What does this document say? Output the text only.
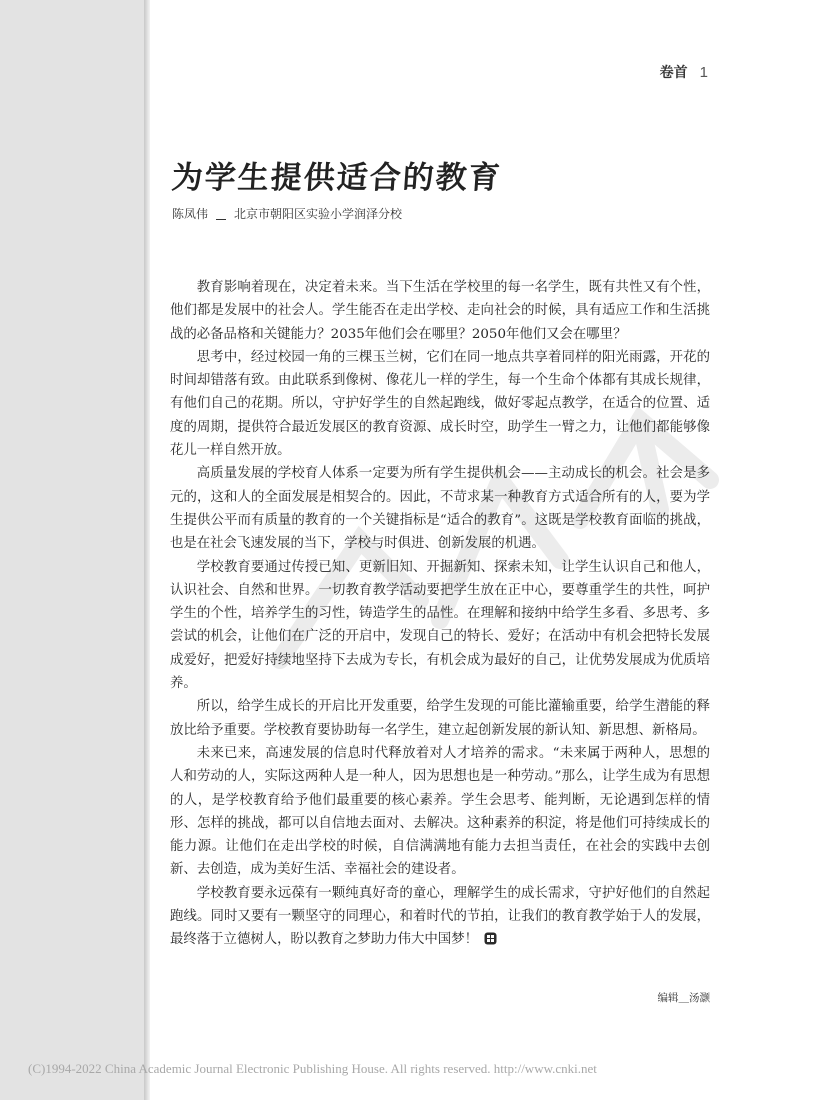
卷首 1
为学生提供适合的教育
陈凤伟 北京市朝阳区实验小学润泽分校

教育影响着现在，决定着未来。当下生活在学校里的每一名学生，既有共性又有个性，他们都是发展中的社会人。学生能否在走出学校、走向社会的时候，具有适应工作和生活挑战的必备品格和关键能力？2035年他们会在哪里？2050年他们又会在哪里？

思考中，经过校园一角的三棵玉兰树，它们在同一地点共享着同样的阳光雨露，开花的时间却错落有致。由此联系到像树、像花儿一样的学生，每一个生命个体都有其成长规律，有他们自己的花期。所以，守护好学生的自然起跑线，做好零起点教学，在适合的位置、适度的周期，提供符合最近发展区的教育资源、成长时空，助学生一臂之力，让他们都能够像花儿一样自然开放。

高质量发展的学校育人体系一定要为所有学生提供机会——主动成长的机会。社会是多元的，这和人的全面发展是相契合的。因此，不苛求某一种教育方式适合所有的人，要为学生提供公平而有质量的教育的一个关键指标是“适合的教育”。这既是学校教育面临的挑战，也是在社会飞速发展的当下，学校与时俱进、创新发展的机遇。

学校教育要通过传授已知、更新旧知、开掘新知、探索未知，让学生认识自己和他人，认识社会、自然和世界。一切教育教学活动要把学生放在正中心，要尊重学生的共性，呵护学生的个性，培养学生的习性，铸造学生的品性。在理解和接纳中给学生多看、多思考、多尝试的机会，让他们在广泛的开启中，发现自己的特长、爱好；在活动中有机会把特长发展成爱好，把爱好持续地坚持下去成为专长，有机会成为最好的自己，让优势发展成为优质培养。

所以，给学生成长的开启比开发重要，给学生发现的可能比灌输重要，给学生潜能的释放比给予重要。学校教育要协助每一名学生，建立起创新发展的新认知、新思想、新格局。

未来已来，高速发展的信息时代释放着对人才培养的需求。“未来属于两种人，思想的人和劳动的人，实际这两种人是一种人，因为思想也是一种劳动。”那么，让学生成为有思想的人，是学校教育给予他们最重要的核心素养。学生会思考、能判断，无论遇到怎样的情形、怎样的挑战，都可以自信地去面对、去解决。这种素养的积淀，将是他们可持续成长的能力源。让他们在走出学校的时候，自信满满地有能力去担当责任，在社会的实践中去创新、去创造，成为美好生活、幸福社会的建设者。

学校教育要永远葆有一颗纯真好奇的童心，理解学生的成长需求，守护好他们的自然起跑线。同时又要有一颗坚守的同理心，和着时代的节拍，让我们的教育教学始于人的发展，最终落于立德树人，盼以教育之梦助力伟大中国梦！

编辑＿汤灏
(C)1994-2022 China Academic Journal Electronic Publishing House. All rights reserved. http://www.cnki.net
